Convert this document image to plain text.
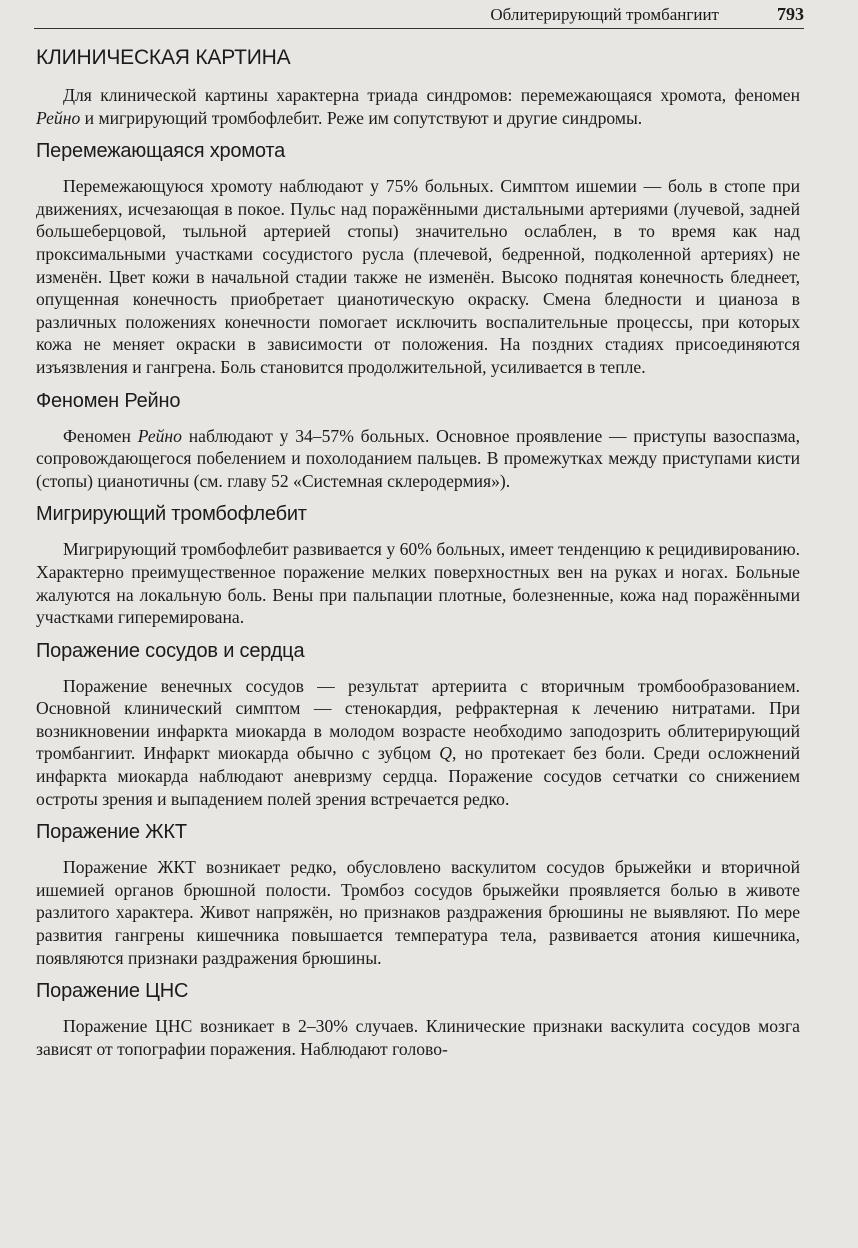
Облитерирующий тромбангиит	793
КЛИНИЧЕСКАЯ КАРТИНА

Для клинической картины характерна триада синдромов: перемежающаяся хромота, феномен Рейно и мигрирующий тромбофлебит. Реже им сопутствуют и другие синдромы.

Перемежающаяся хромота

Перемежающуюся хромоту наблюдают у 75% больных. Симптом ишемии — боль в стопе при движениях, исчезающая в покое. Пульс над поражёнными дистальными артериями (лучевой, задней большеберцовой, тыльной артерией стопы) значительно ослаблен, в то время как над проксимальными участками сосудистого русла (плечевой, бедренной, подколенной артериях) не изменён. Цвет кожи в начальной стадии также не изменён. Высоко поднятая конечность бледнеет, опущенная конечность приобретает цианотическую окраску. Смена бледности и цианоза в различных положениях конечности помогает исключить воспалительные процессы, при которых кожа не меняет окраски в зависимости от положения. На поздних стадиях присоединяются изъязвления и гангрена. Боль становится продолжительной, усиливается в тепле.

Феномен Рейно

Феномен Рейно наблюдают у 34–57% больных. Основное проявление — приступы вазоспазма, сопровождающегося побелением и похолоданием пальцев. В промежутках между приступами кисти (стопы) цианотичны (см. главу 52 «Системная склеродермия»).

Мигрирующий тромбофлебит

Мигрирующий тромбофлебит развивается у 60% больных, имеет тенденцию к рецидивированию. Характерно преимущественное поражение мелких поверхностных вен на руках и ногах. Больные жалуются на локальную боль. Вены при пальпации плотные, болезненные, кожа над поражёнными участками гиперемирована.

Поражение сосудов и сердца

Поражение венечных сосудов — результат артериита с вторичным тромбообразованием. Основной клинический симптом — стенокардия, рефрактерная к лечению нитратами. При возникновении инфаркта миокарда в молодом возрасте необходимо заподозрить облитерирующий тромбангиит. Инфаркт миокарда обычно с зубцом Q, но протекает без боли. Среди осложнений инфаркта миокарда наблюдают аневризму сердца. Поражение сосудов сетчатки со снижением остроты зрения и выпадением полей зрения встречается редко.

Поражение ЖКТ

Поражение ЖКТ возникает редко, обусловлено васкулитом сосудов брыжейки и вторичной ишемией органов брюшной полости. Тромбоз сосудов брыжейки проявляется болью в животе разлитого характера. Живот напряжён, но признаков раздражения брюшины не выявляют. По мере развития гангрены кишечника повышается температура тела, развивается атония кишечника, появляются признаки раздражения брюшины.

Поражение ЦНС

Поражение ЦНС возникает в 2–30% случаев. Клинические признаки васкулита сосудов мозга зависят от топографии поражения. Наблюдают голово-
